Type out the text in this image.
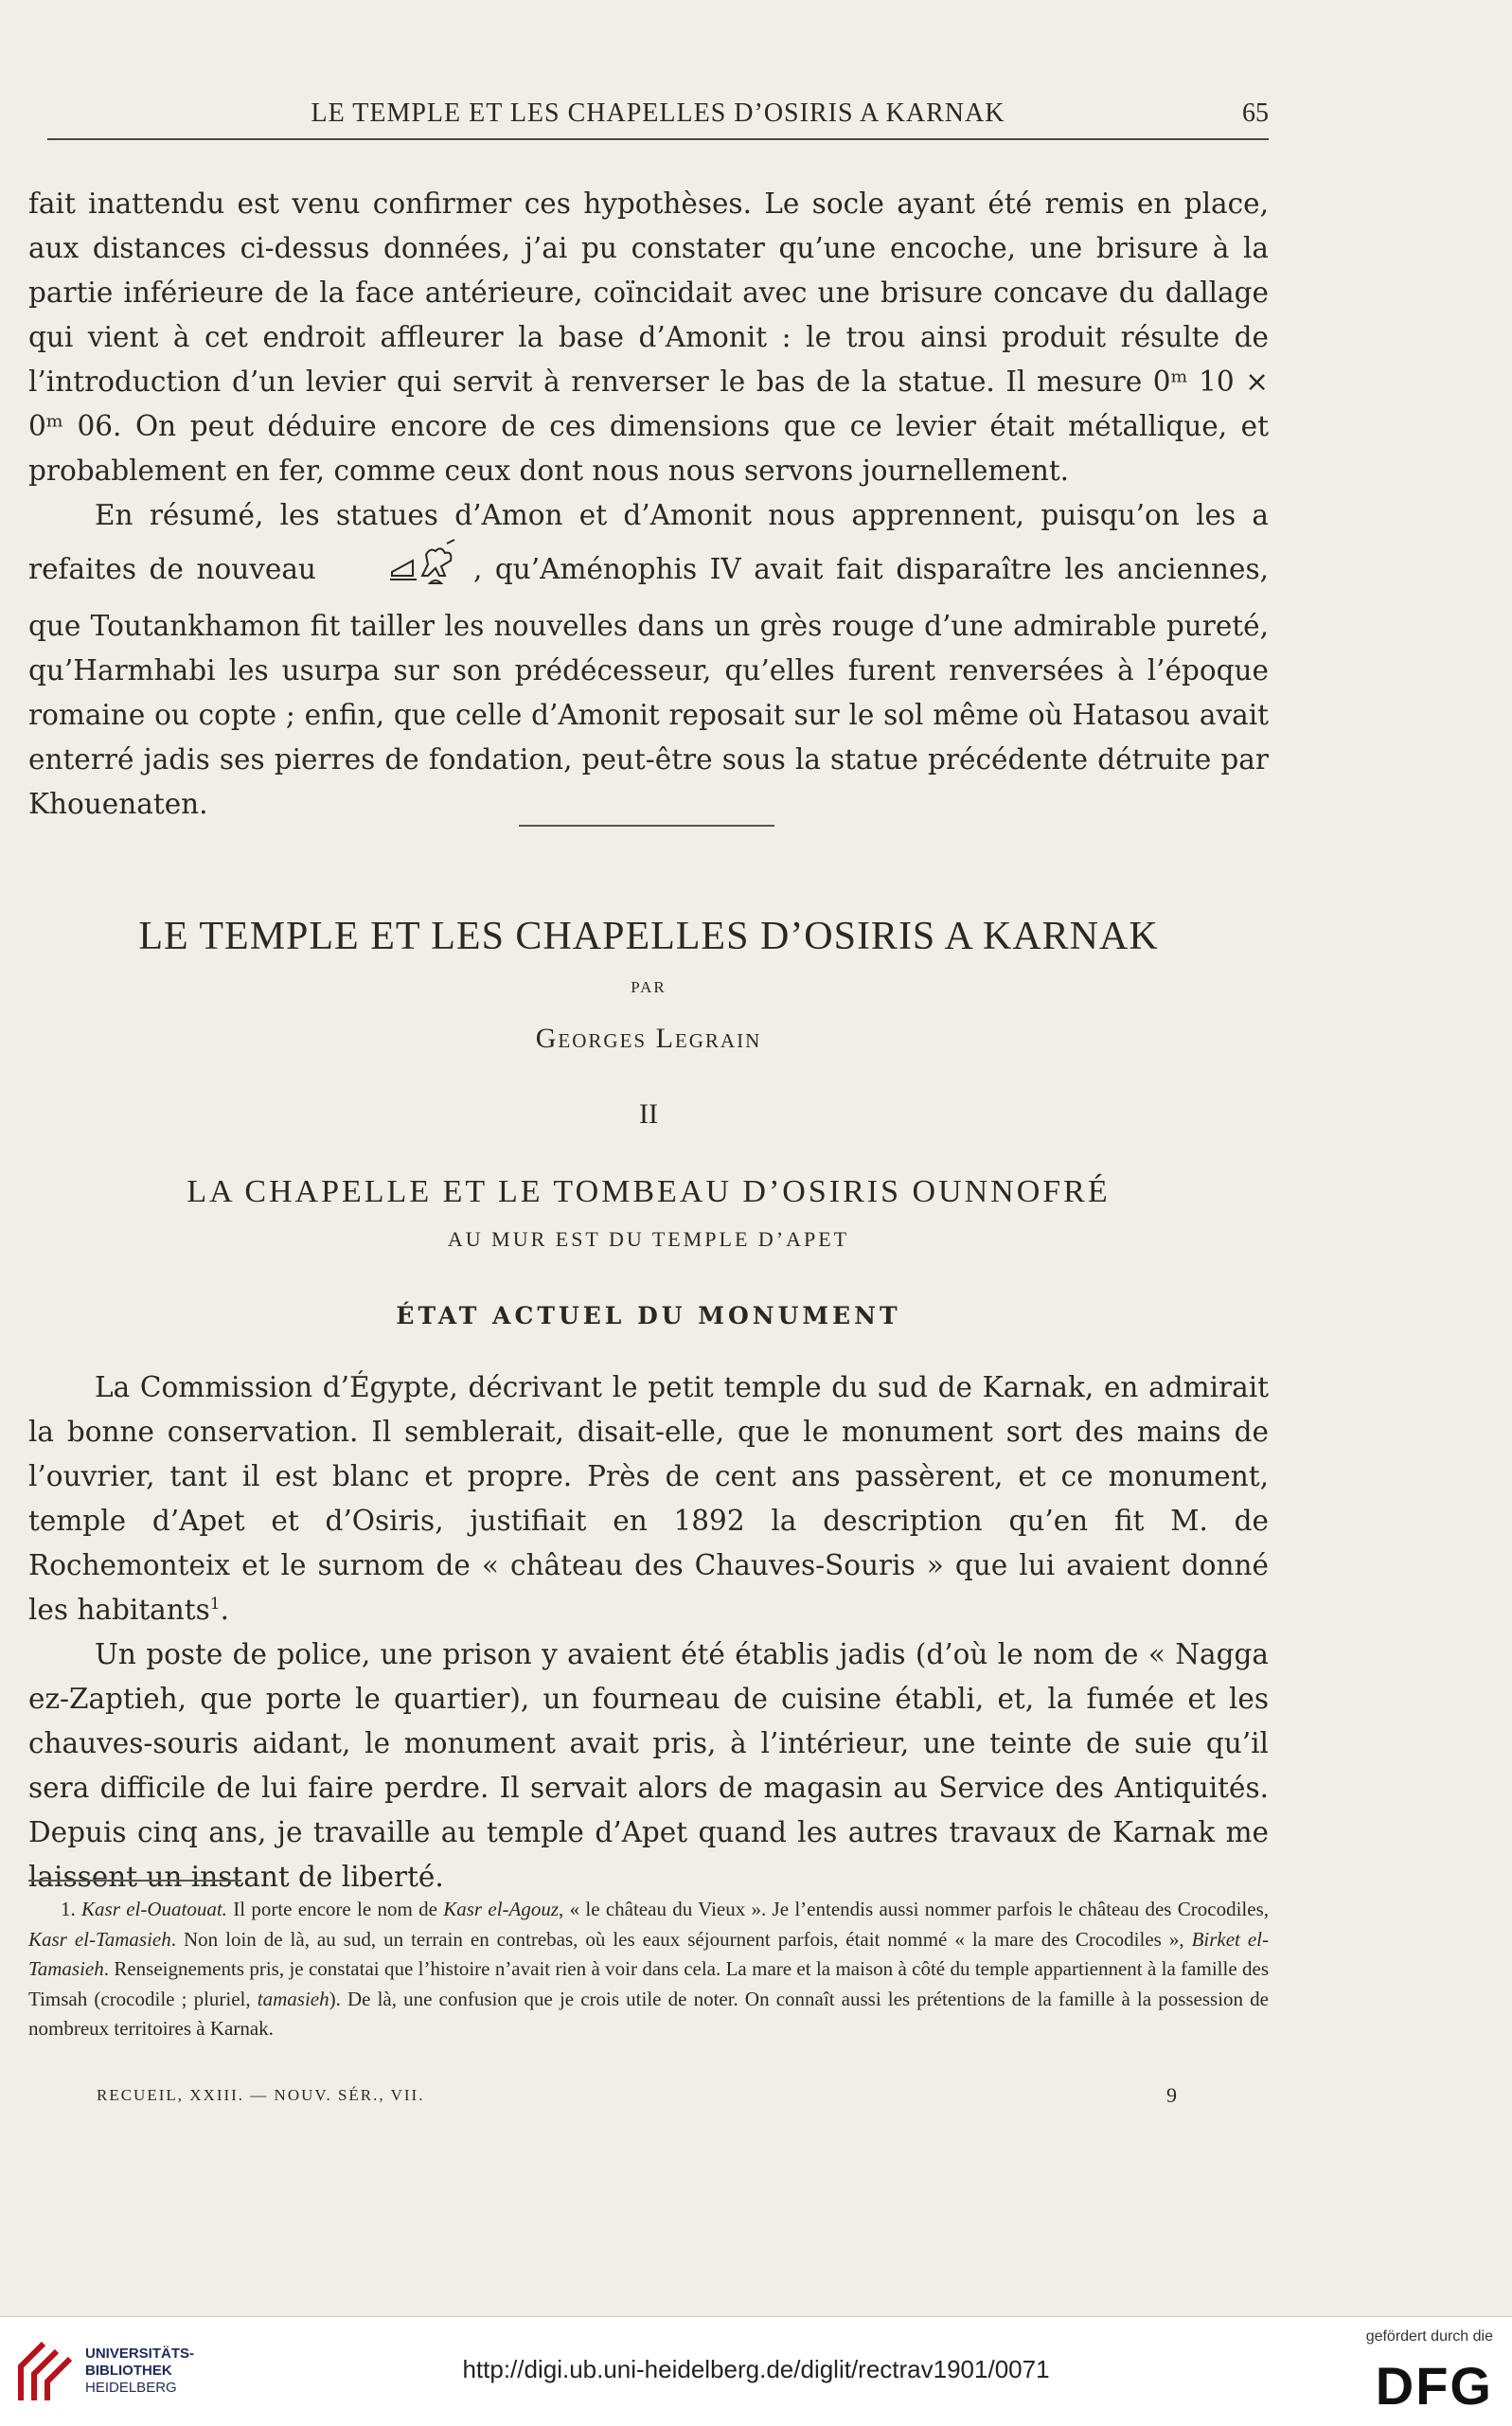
LE TEMPLE ET LES CHAPELLES D’OSIRIS A KARNAK	65

fait inattendu est venu confirmer ces hypothèses. Le socle ayant été remis en place, aux distances ci-dessus données, j’ai pu constater qu’une encoche, une brisure à la partie inférieure de la face antérieure, coïncidait avec une brisure concave du dallage qui vient à cet endroit affleurer la base d’Amonit : le trou ainsi produit résulte de l’introduction d’un levier qui servit à renverser le bas de la statue. Il mesure 0ᵐ 10 × 0ᵐ 06. On peut déduire encore de ces dimensions que ce levier était métallique, et probablement en fer, comme ceux dont nous nous servons journellement.

En résumé, les statues d’Amon et d’Amonit nous apprennent, puisqu’on les a refaites de nouveau	, qu’Aménophis IV avait fait disparaître les anciennes, que Toutankhamon fit tailler les nouvelles dans un grès rouge d’une admirable pureté, qu’Harmhabi les usurpa sur son prédécesseur, qu’elles furent renversées à l’époque romaine ou copte ; enfin, que celle d’Amonit reposait sur le sol même où Hatasou avait enterré jadis ses pierres de fondation, peut-être sous la statue précédente détruite par Khouenaten.

LE TEMPLE ET LES CHAPELLES D’OSIRIS A KARNAK
PAR
Georges Legrain
II
LA CHAPELLE ET LE TOMBEAU D’OSIRIS OUNNOFRÉ
AU MUR EST DU TEMPLE D’APET
ÉTAT ACTUEL DU MONUMENT

La Commission d’Égypte, décrivant le petit temple du sud de Karnak, en admirait la bonne conservation. Il semblerait, disait-elle, que le monument sort des mains de l’ouvrier, tant il est blanc et propre. Près de cent ans passèrent, et ce monument, temple d’Apet et d’Osiris, justifiait en 1892 la description qu’en fit M. de Rochemonteix et le surnom de « château des Chauves-Souris » que lui avaient donné les habitants$^1$.

Un poste de police, une prison y avaient été établis jadis (d’où le nom de « Nagga ez-Zaptieh, que porte le quartier), un fourneau de cuisine établi, et, la fumée et les chauves-souris aidant, le monument avait pris, à l’intérieur, une teinte de suie qu’il sera difficile de lui faire perdre. Il servait alors de magasin au Service des Antiquités. Depuis cinq ans, je travaille au temple d’Apet quand les autres travaux de Karnak me laissent un instant de liberté.

1. Kasr el-Ouatouat. Il porte encore le nom de Kasr el-Agouz, « le château du Vieux ». Je l’entendis aussi nommer parfois le château des Crocodiles, Kasr el-Tamasieh. Non loin de là, au sud, un terrain en contrebas, où les eaux séjournent parfois, était nommé « la mare des Crocodiles », Birket el-Tamasieh. Renseignements pris, je constatai que l’histoire n’avait rien à voir dans cela. La mare et la maison à côté du temple appartiennent à la famille des Timsah (crocodile ; pluriel, tamasieh). De là, une confusion que je crois utile de noter. On connaît aussi les prétentions de la famille à la possession de nombreux territoires à Karnak.

RECUEIL, XXIII. — NOUV. SÉR., VII.	9
UNIVERSITÄTS-
BIBLIOTHEK
HEIDELBERG
http://digi.ub.uni-heidelberg.de/diglit/rectrav1901/0071
gefördert durch die
DFG
